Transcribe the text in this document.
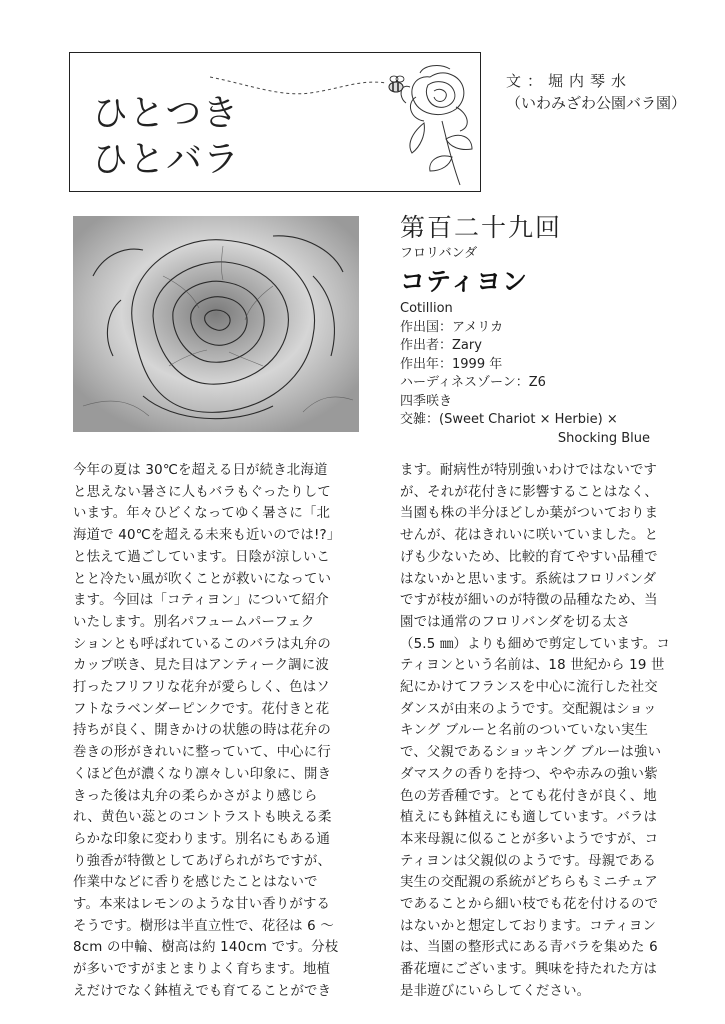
ひとつき
ひとバラ
文：堀内琴水
（いわみざわ公園バラ園）
第百二十九回
フロリバンダ
コティヨン
Cotillion
作出国：アメリカ
作出者：Zary
作出年：1999 年
ハーディネスゾーン：Z6
四季咲き
交雑：(Sweet Chariot × Herbie) ×
Shocking Blue
今年の夏は 30℃を超える日が続き北海道
と思えない暑さに人もバラもぐったりして
います。年々ひどくなってゆく暑さに「北
海道で 40℃を超える未来も近いのでは!?」
と怯えて過ごしています。日陰が涼しいこ
とと冷たい風が吹くことが救いになってい
ます。今回は「コティヨン」について紹介
いたします。別名パフュームパーフェク
ションとも呼ばれているこのバラは丸弁の
カップ咲き、見た目はアンティーク調に波
打ったフリフリな花弁が愛らしく、色はソ
フトなラベンダーピンクです。花付きと花
持ちが良く、開きかけの状態の時は花弁の
巻きの形がきれいに整っていて、中心に行
くほど色が濃くなり凛々しい印象に、開き
きった後は丸弁の柔らかさがより感じら
れ、黄色い蕊とのコントラストも映える柔
らかな印象に変わります。別名にもある通
り強香が特徴としてあげられがちですが、
作業中などに香りを感じたことはないで
す。本来はレモンのような甘い香りがする
そうです。樹形は半直立性で、花径は 6 ～
8cm の中輪、樹高は約 140cm です。分枝
が多いですがまとまりよく育ちます。地植
えだけでなく鉢植えでも育てることができ
ます。耐病性が特別強いわけではないです
が、それが花付きに影響することはなく、
当園も株の半分ほどしか葉がついておりま
せんが、花はきれいに咲いていました。と
げも少ないため、比較的育てやすい品種で
はないかと思います。系統はフロリバンダ
ですが枝が細いのが特徴の品種なため、当
園では通常のフロリバンダを切る太さ
（5.5 ㎜）よりも細めで剪定しています。コ
ティヨンという名前は、18 世紀から 19 世
紀にかけてフランスを中心に流行した社交
ダンスが由来のようです。交配親はショッ
キング ブルーと名前のついていない実生
で、父親であるショッキング ブルーは強い
ダマスクの香りを持つ、やや赤みの強い紫
色の芳香種です。とても花付きが良く、地
植えにも鉢植えにも適しています。バラは
本来母親に似ることが多いようですが、コ
ティヨンは父親似のようです。母親である
実生の交配親の系統がどちらもミニチュア
であることから細い枝でも花を付けるので
はないかと想定しております。コティヨン
は、当園の整形式にある青バラを集めた 6
番花壇にございます。興味を持たれた方は
是非遊びにいらしてください。
